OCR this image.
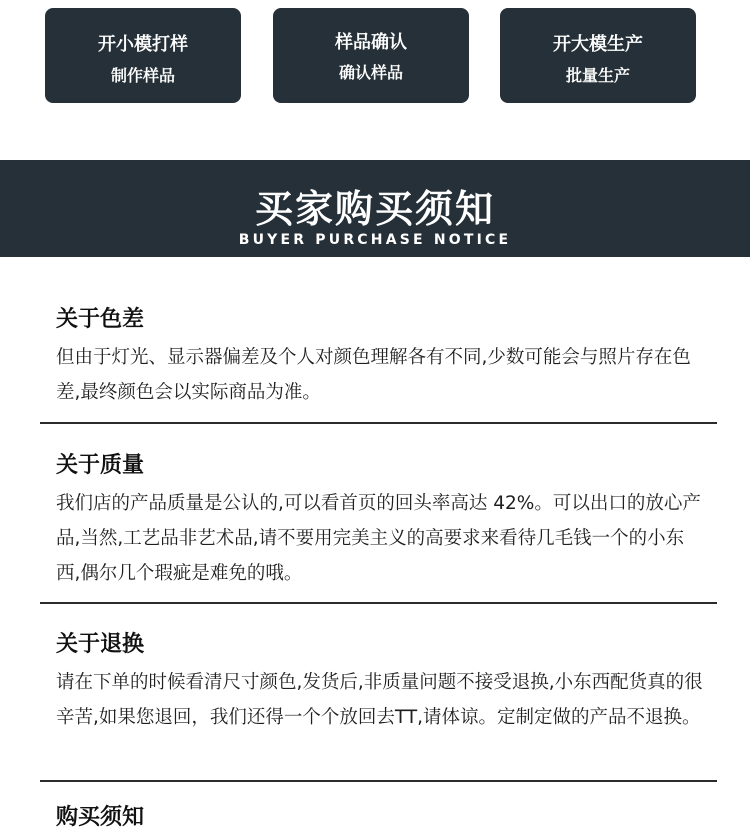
开小模打样
制作样品
样品确认
确认样品
开大模生产
批量生产
买家购买须知
BUYER PURCHASE NOTICE
关于色差
但由于灯光、显示器偏差及个人对颜色理解各有不同,少数可能会与照片存在色差,最终颜色会以实际商品为准。
关于质量
我们店的产品质量是公认的,可以看首页的回头率高达 42%。可以出口的放心产品,当然,工艺品非艺术品,请不要用完美主义的高要求来看待几毛钱一个的小东西,偶尔几个瑕疵是难免的哦。
关于退换
请在下单的时候看清尺寸颜色,发货后,非质量问题不接受退换,小东西配货真的很辛苦,如果您退回，我们还得一个个放回去TT,请体谅。定制定做的产品不退换。
购买须知
